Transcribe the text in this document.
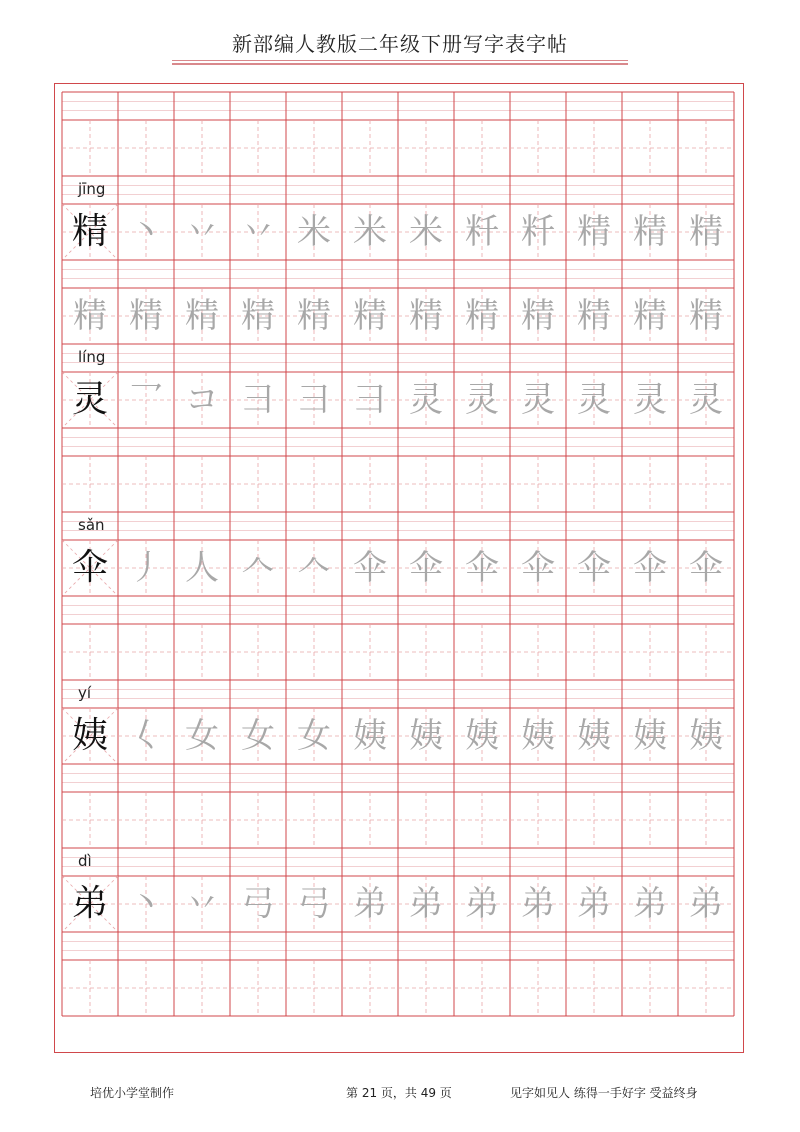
新部编人教版二年级下册写字表字帖
jīng
精 丶 丷 丷 米 米 米 粁 粁 精 精 精
精 精 精 精 精 精 精 精 精 精 精 精
líng
灵 乛 コ 彐 彐 彐 灵 灵 灵 灵 灵 灵
sǎn
伞 丿 人 𠆢 𠆢 伞 伞 伞 伞 伞 伞 伞
yí
姨 𡿨 女 女 女 姨 姨 姨 姨 姨 姨 姨
dì
弟 丶 丷 弓 弓 弟 弟 弟 弟 弟 弟 弟
培优小学堂制作	第 21 页，共 49 页	见字如见人 练得一手好字 受益终身
